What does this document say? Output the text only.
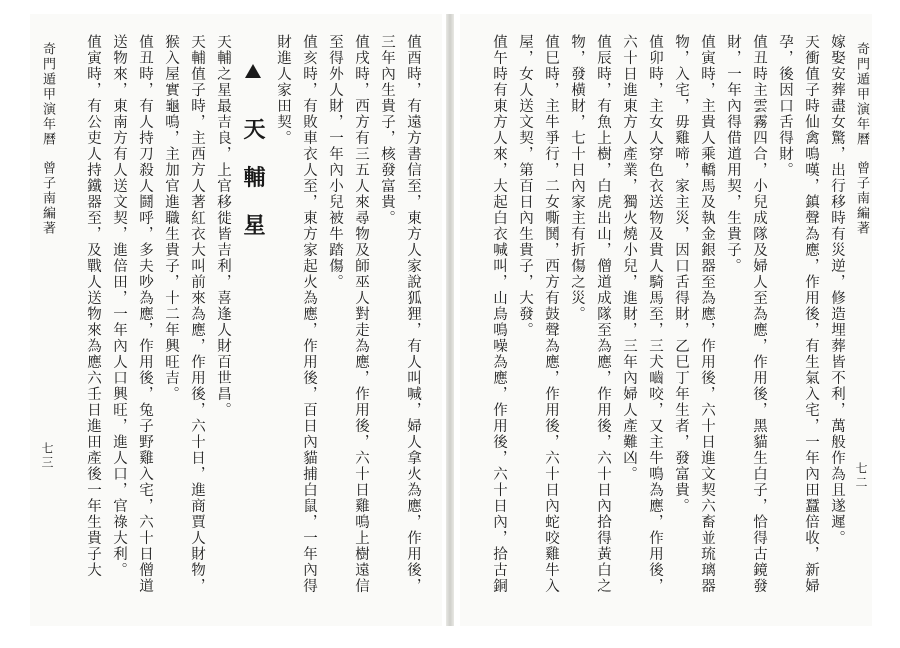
奇門遁甲演年曆 曾子南編著 七二

嫁娶安葬盡女驚，出行移時有災逆，修造埋葬皆不利，萬般作為且遂遲。

天衝值子時仙禽鳴嘆，鎮聲為應，作用後，有生氣入宅，一年內田蠶倍收，新婦孕，後因口舌得財。

值丑時主雲霧四合，小兒成隊及婦人至為應，作用後，黑貓生白子，恰得古鏡發財，一年內得借道用契，生貴子。

值寅時，主貴人乘轎馬及執金銀器至為應，作用後，六十日進文契六畜並琉璃器物，入宅，毋雞啼，家主災，因口舌得財，乙巳丁年生者，發富貴。

值卯時，主女人穿色衣送物及貴人騎馬至，三犬嚙咬，又主牛鳴為應，作用後，六十日進東方人產業，獨火燒小兒，進財，三年內婦人產難凶。

值辰時，有魚上樹，白虎出山，僧道成隊至為應，作用後，六十日內拾得黃白之物，發橫財，七十日內家主有折傷之災。

值巳時，主牛爭行，二女嘶鬨，西方有鼓聲為應，作用後，六十日內蛇咬雞牛入屋，女人送文契，第百日內生貴子，大發。

值午時有東方人來，大起白衣喊叫，山鳥鳴噪為應，作用後，六十日內，拾古銅

奇門遁甲演年曆 曾子南編著 七三	值酉時，有遠方書信至，東方人家說狐狸，有人叫喊，婦人拿火為應，作用後，三年內生貴子，核發富貴。

值戌時，西方有三五人來尋物及師巫人對走為應，作用後，六十日雞鳴上樹遠信至得外人財，一年內小兒被牛踏傷。

值亥時，有敗車衣人至，東方家起火為應，作用後，百日內貓捕白鼠，一年內得財進人家田契。

天輔星

天輔之星最吉良，上官移徙皆吉利，喜逢人財百世昌。

天輔值子時，主西方人著紅衣大叫前來為應，作用後，六十日，進商賈人財物，猴入屋實龜鳴，主加官進職生貴子，十二年興旺吉。

值丑時，有人持刀殺人鬪呼，多夫吵為應，作用後，兔子野雞入宅，六十日僧道送物來，東南方有人送文契，進倍田，一年內人口興旺，進人口，官祿大利。

值寅時，有公吏人持鐵器至，及戰人送物來為應六壬日進田產後一年生貴子大
